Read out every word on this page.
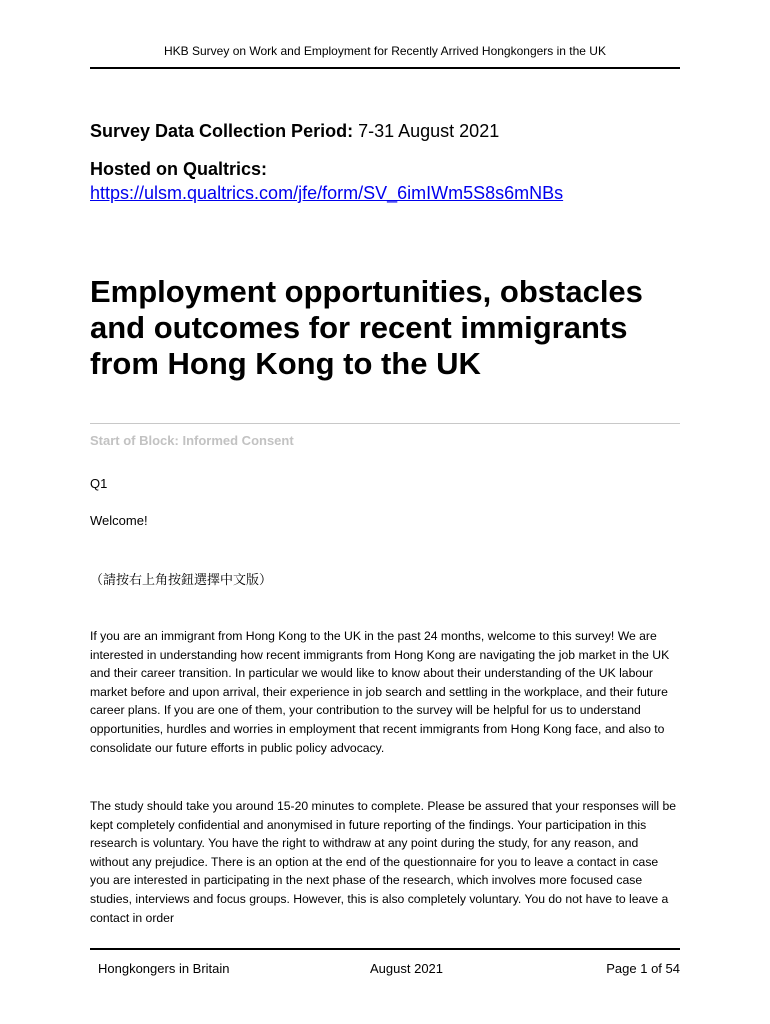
HKB Survey on Work and Employment for Recently Arrived Hongkongers in the UK
Survey Data Collection Period: 7-31 August 2021
Hosted on Qualtrics:
https://ulsm.qualtrics.com/jfe/form/SV_6imIWm5S8s6mNBs
Employment opportunities, obstacles and outcomes for recent immigrants from Hong Kong to the UK
Start of Block: Informed Consent
Q1
Welcome!
（請按右上角按鈕選擇中文版）

If you are an immigrant from Hong Kong to the UK in the past 24 months, welcome to this survey! We are interested in understanding how recent immigrants from Hong Kong are navigating the job market in the UK and their career transition. In particular we would like to know about their understanding of the UK labour market before and upon arrival, their experience in job search and settling in the workplace, and their future career plans. If you are one of them, your contribution to the survey will be helpful for us to understand opportunities, hurdles and worries in employment that recent immigrants from Hong Kong face, and also to consolidate our future efforts in public policy advocacy.

The study should take you around 15-20 minutes to complete. Please be assured that your responses will be kept completely confidential and anonymised in future reporting of the findings. Your participation in this research is voluntary. You have the right to withdraw at any point during the study, for any reason, and without any prejudice. There is an option at the end of the questionnaire for you to leave a contact in case you are interested in participating in the next phase of the research, which involves more focused case studies, interviews and focus groups. However, this is also completely voluntary. You do not have to leave a contact in order

Hongkongers in Britain	August 2021	Page 1 of 54
